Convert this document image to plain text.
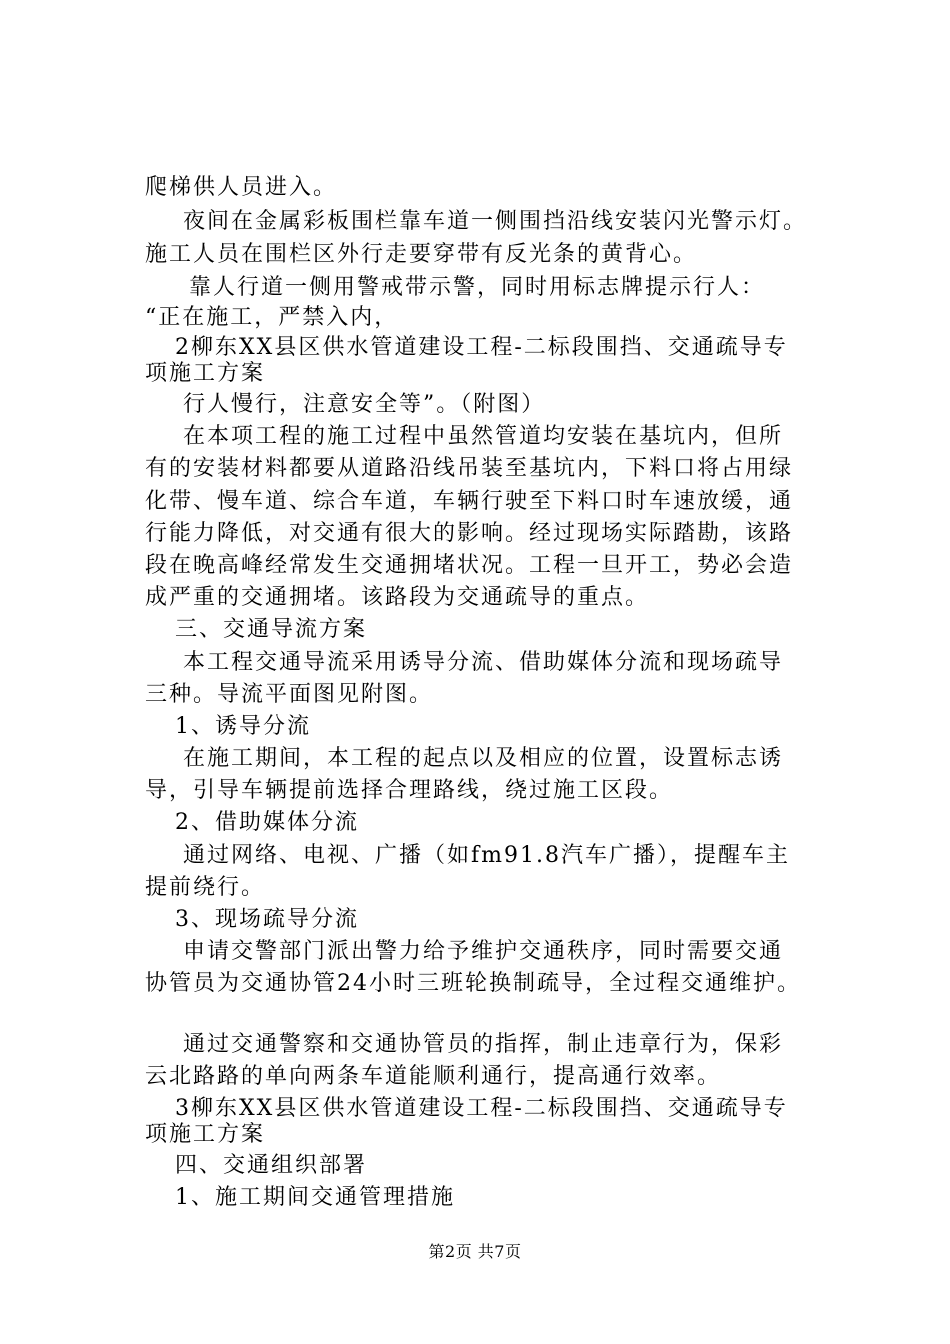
爬梯供人员进入。
夜间在金属彩板围栏靠车道一侧围挡沿线安装闪光警示灯。
施工人员在围栏区外行走要穿带有反光条的黄背心。
靠人行道一侧用警戒带示警，同时用标志牌提示行人：
“正在施工，严禁入内，
2柳东XX县区供水管道建设工程-二标段围挡、交通疏导专
项施工方案
行人慢行，注意安全等”。（附图）
在本项工程的施工过程中虽然管道均安装在基坑内，但所
有的安装材料都要从道路沿线吊装至基坑内，下料口将占用绿
化带、慢车道、综合车道，车辆行驶至下料口时车速放缓，通
行能力降低，对交通有很大的影响。经过现场实际踏勘，该路
段在晚高峰经常发生交通拥堵状况。工程一旦开工，势必会造
成严重的交通拥堵。该路段为交通疏导的重点。
三、交通导流方案
本工程交通导流采用诱导分流、借助媒体分流和现场疏导
三种。导流平面图见附图。
1、诱导分流
在施工期间，本工程的起点以及相应的位置，设置标志诱
导，引导车辆提前选择合理路线，绕过施工区段。
2、借助媒体分流
通过网络、电视、广播（如fm91.8汽车广播），提醒车主
提前绕行。
3、现场疏导分流
申请交警部门派出警力给予维护交通秩序，同时需要交通
协管员为交通协管24小时三班轮换制疏导，全过程交通维护。
通过交通警察和交通协管员的指挥，制止违章行为，保彩
云北路路的单向两条车道能顺利通行，提高通行效率。
3柳东XX县区供水管道建设工程-二标段围挡、交通疏导专
项施工方案
四、交通组织部署
1、施工期间交通管理措施
第2页 共7页
